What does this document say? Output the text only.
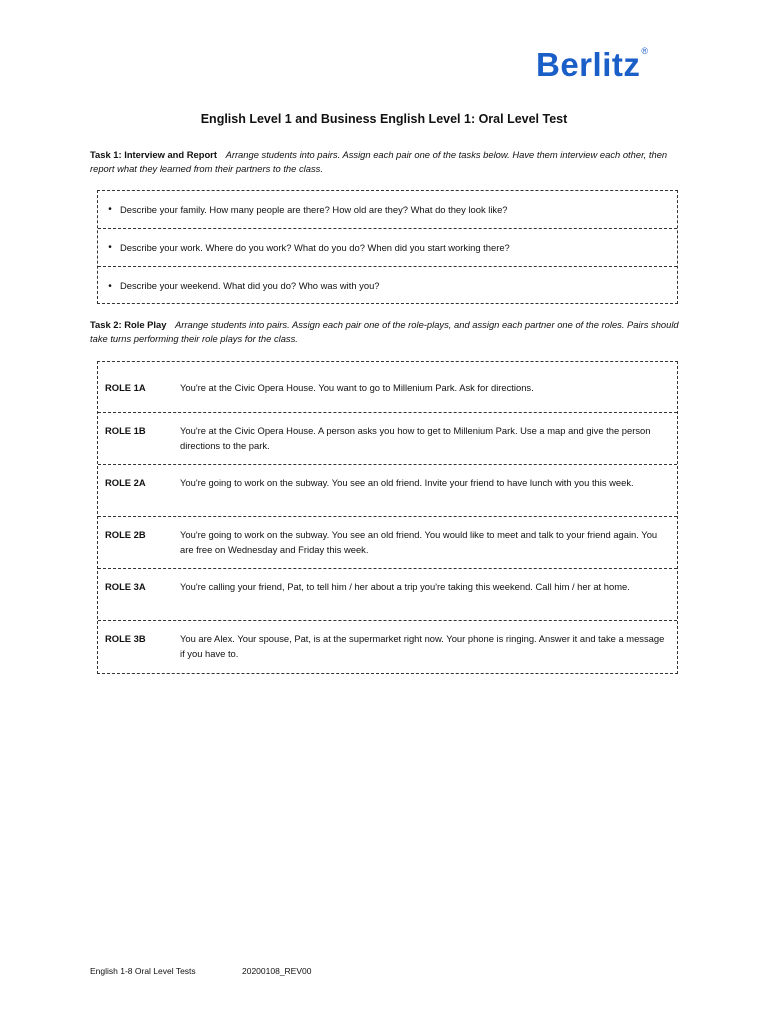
Berlitz ®
English Level 1 and Business English Level 1: Oral Level Test
Task 1: Interview and Report Arrange students into pairs. Assign each pair one of the tasks below. Have them interview each other, then report what they learned from their partners to the class.
• Describe your family. How many people are there? How old are they? What do they look like?
• Describe your work. Where do you work? What do you do? When did you start working there?
• Describe your weekend. What did you do? Who was with you?
Task 2: Role Play Arrange students into pairs. Assign each pair one of the role-plays, and assign each partner one of the roles. Pairs should take turns performing their role plays for the class.
ROLE 1A	You're at the Civic Opera House. You want to go to Millenium Park. Ask for directions.
ROLE 1B	You're at the Civic Opera House. A person asks you how to get to Millenium Park. Use a map and give the person directions to the park.
ROLE 2A	You're going to work on the subway. You see an old friend. Invite your friend to have lunch with you this week.
ROLE 2B	You're going to work on the subway. You see an old friend. You would like to meet and talk to your friend again. You are free on Wednesday and Friday this week.
ROLE 3A	You're calling your friend, Pat, to tell him / her about a trip you're taking this weekend. Call him / her at home.
ROLE 3B	You are Alex. Your spouse, Pat, is at the supermarket right now. Your phone is ringing. Answer it and take a message if you have to.
English 1-8 Oral Level Tests	20200108_REV00
